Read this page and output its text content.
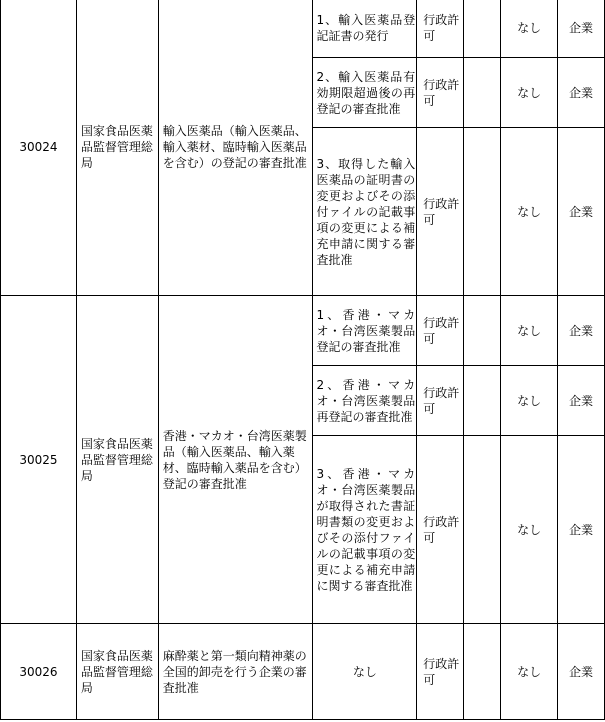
30024	国家食品医薬品監督管理総局	輸入医薬品（輸入医薬品、輸入薬材、臨時輸入医薬品を含む）の登記の審査批准	1、輸入医薬品登記証書の発行	行政許可		なし	企業
			2、輸入医薬品有効期限超過後の再登記の審査批准	行政許可		なし	企業
			3、取得した輸入医薬品の証明書の変更およびその添付ァイルの記載事項の変更による補充申請に関する審査批准	行政許可		なし	企業
30025	国家食品医薬品監督管理総局	香港・マカオ・台湾医薬製品（輸入医薬品、輸入薬材、臨時輸入薬品を含む）登記の審査批准	1、香港・マカオ・台湾医薬製品登記の審査批准	行政許可		なし	企業
			2、香港・マカオ・台湾医薬製品再登記の審査批准	行政許可		なし	企業
			3、香港・マカオ・台湾医薬製品が取得された書証明書類の変更およびその添付ファイルの記載事項の変更による補充申請に関する審査批准	行政許可		なし	企業
30026	国家食品医薬品監督管理総局	麻酔薬と第一類向精神薬の全国的卸売を行う企業の審査批准	なし	行政許可		なし	企業
